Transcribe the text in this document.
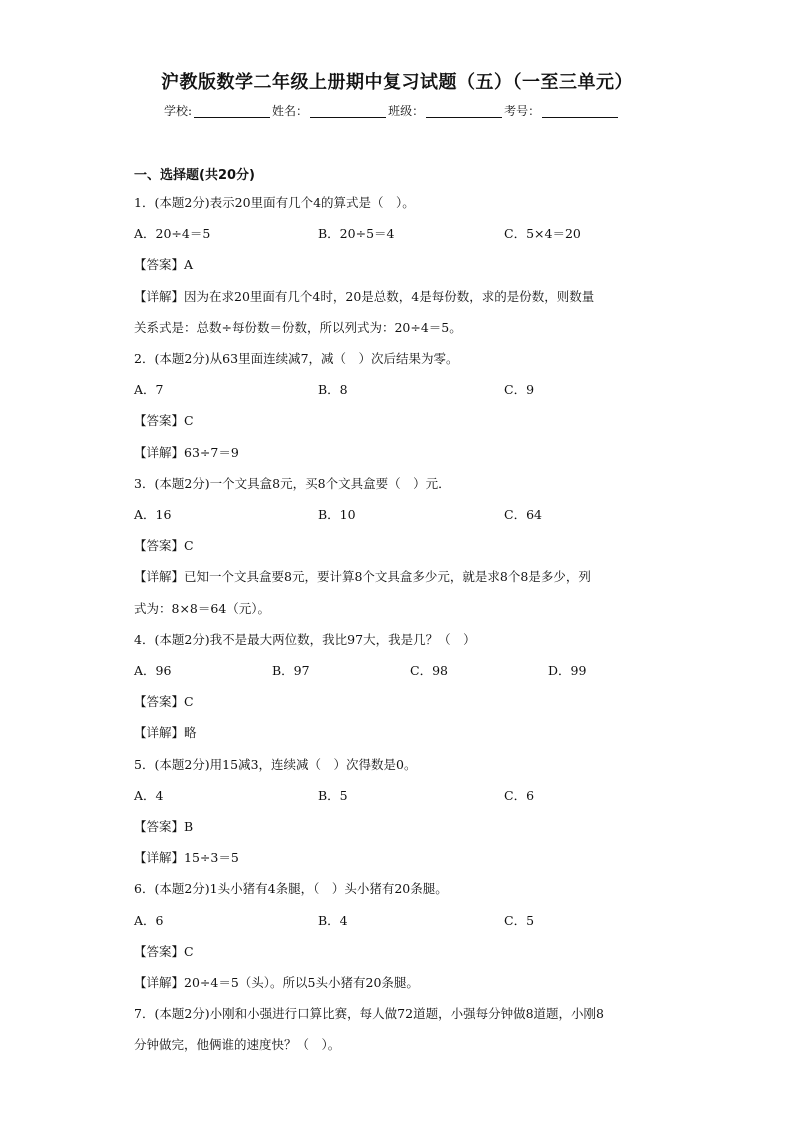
沪教版数学二年级上册期中复习试题（五）（一至三单元）
学校:	姓名：	班级：	考号：
一、选择题(共20分)
1．(本题2分)表示20里面有几个4的算式是（　）。
A．20÷4＝5	B．20÷5＝4	C．5×4＝20
【答案】A
【详解】因为在求20里面有几个4时，20是总数，4是每份数，求的是份数，则数量
关系式是：总数÷每份数＝份数，所以列式为：20÷4＝5。
2．(本题2分)从63里面连续减7，减（　）次后结果为零。
A．7	B．8	C．9
【答案】C
【详解】63÷7＝9
3．(本题2分)一个文具盒8元，买8个文具盒要（　）元．
A．16	B．10	C．64
【答案】C
【详解】已知一个文具盒要8元，要计算8个文具盒多少元，就是求8个8是多少，列
式为：8×8＝64（元）。
4．(本题2分)我不是最大两位数，我比97大，我是几？（　）
A．96	B．97	C．98	D．99
【答案】C
【详解】略
5．(本题2分)用15减3，连续减（　）次得数是0。
A．4	B．5	C．6
【答案】B
【详解】15÷3＝5
6．(本题2分)1头小猪有4条腿，（　）头小猪有20条腿。
A．6	B．4	C．5
【答案】C
【详解】20÷4＝5（头）。所以5头小猪有20条腿。
7．(本题2分)小刚和小强进行口算比赛，每人做72道题，小强每分钟做8道题，小刚8
分钟做完，他俩谁的速度快？（　）。
